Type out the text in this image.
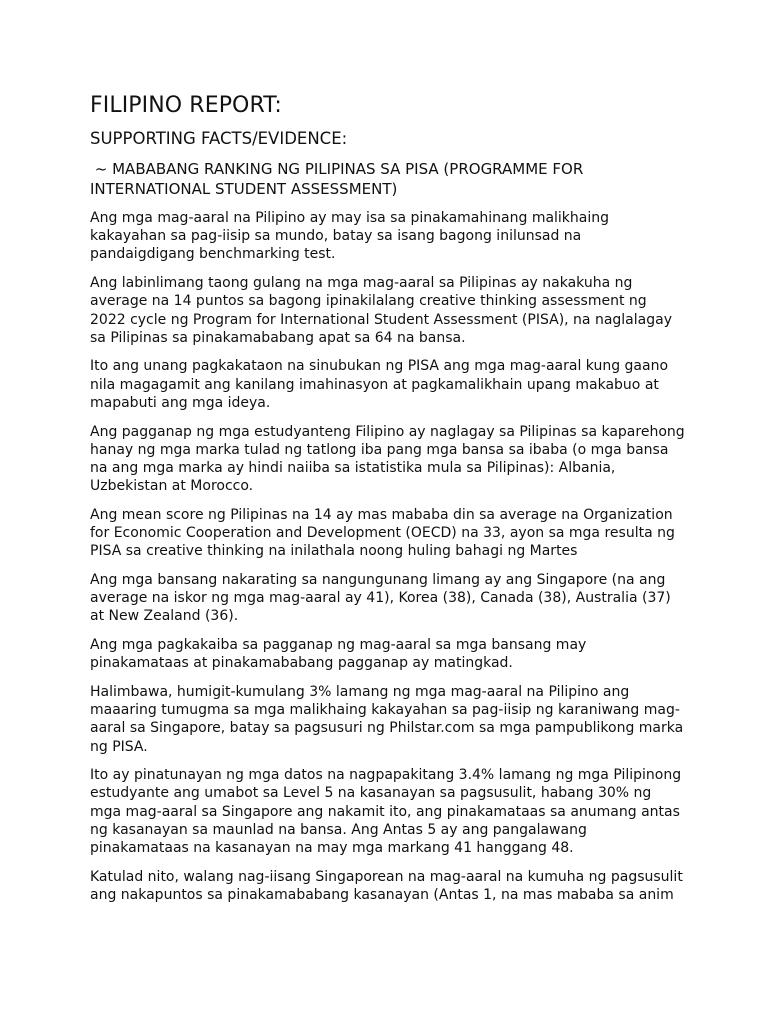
FILIPINO REPORT:
SUPPORTING FACTS/EVIDENCE:
~ MABABANG RANKING NG PILIPINAS SA PISA (PROGRAMME FOR
INTERNATIONAL STUDENT ASSESSMENT)

Ang mga mag-aaral na Pilipino ay may isa sa pinakamahinang malikhaing
kakayahan sa pag-iisip sa mundo, batay sa isang bagong inilunsad na
pandaigdigang benchmarking test.

Ang labinlimang taong gulang na mga mag-aaral sa Pilipinas ay nakakuha ng
average na 14 puntos sa bagong ipinakilalang creative thinking assessment ng
2022 cycle ng Program for International Student Assessment (PISA), na naglalagay
sa Pilipinas sa pinakamababang apat sa 64 na bansa.

Ito ang unang pagkakataon na sinubukan ng PISA ang mga mag-aaral kung gaano
nila magagamit ang kanilang imahinasyon at pagkamalikhain upang makabuo at
mapabuti ang mga ideya.

Ang pagganap ng mga estudyanteng Filipino ay naglagay sa Pilipinas sa kaparehong
hanay ng mga marka tulad ng tatlong iba pang mga bansa sa ibaba (o mga bansa
na ang mga marka ay hindi naiiba sa istatistika mula sa Pilipinas): Albania,
Uzbekistan at Morocco.

Ang mean score ng Pilipinas na 14 ay mas mababa din sa average na Organization
for Economic Cooperation and Development (OECD) na 33, ayon sa mga resulta ng
PISA sa creative thinking na inilathala noong huling bahagi ng Martes

Ang mga bansang nakarating sa nangungunang limang ay ang Singapore (na ang
average na iskor ng mga mag-aaral ay 41), Korea (38), Canada (38), Australia (37)
at New Zealand (36).

Ang mga pagkakaiba sa pagganap ng mag-aaral sa mga bansang may
pinakamataas at pinakamababang pagganap ay matingkad.

Halimbawa, humigit-kumulang 3% lamang ng mga mag-aaral na Pilipino ang
maaaring tumugma sa mga malikhaing kakayahan sa pag-iisip ng karaniwang mag-
aaral sa Singapore, batay sa pagsusuri ng Philstar.com sa mga pampublikong marka
ng PISA.

Ito ay pinatunayan ng mga datos na nagpapakitang 3.4% lamang ng mga Pilipinong
estudyante ang umabot sa Level 5 na kasanayan sa pagsusulit, habang 30% ng
mga mag-aaral sa Singapore ang nakamit ito, ang pinakamataas sa anumang antas
ng kasanayan sa maunlad na bansa. Ang Antas 5 ay ang pangalawang
pinakamataas na kasanayan na may mga markang 41 hanggang 48.

Katulad nito, walang nag-iisang Singaporean na mag-aaral na kumuha ng pagsusulit
ang nakapuntos sa pinakamababang kasanayan (Antas 1, na mas mababa sa anim
